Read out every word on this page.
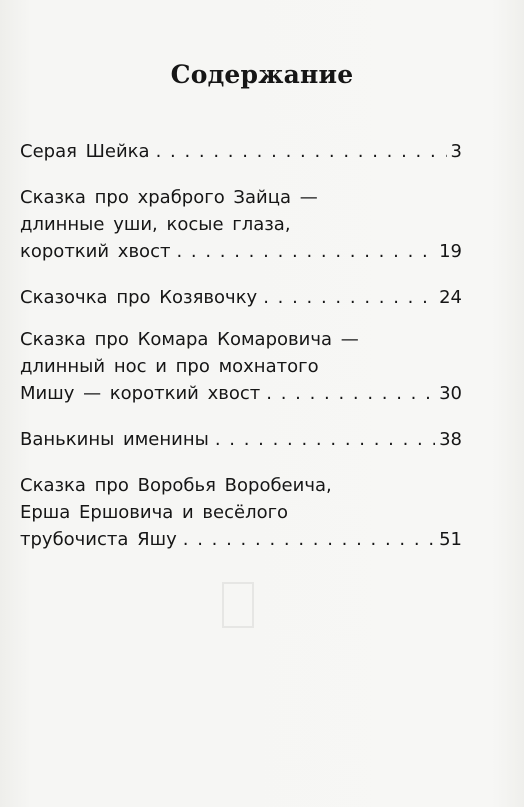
Содержание
Серая Шейка . . .	3
Сказка про храброго Зайца —
длинные уши, косые глаза,
короткий хвост . . .	19
Сказочка про Козявочку . . .	24
Сказка про Комара Комаровича —
длинный нос и про мохнатого
Мишу — короткий хвост . . .	30
Ванькины именины . . .	38
Сказка про Воробья Воробеича,
Ерша Ершовича и весёлого
трубочиста Яшу . . .	51
